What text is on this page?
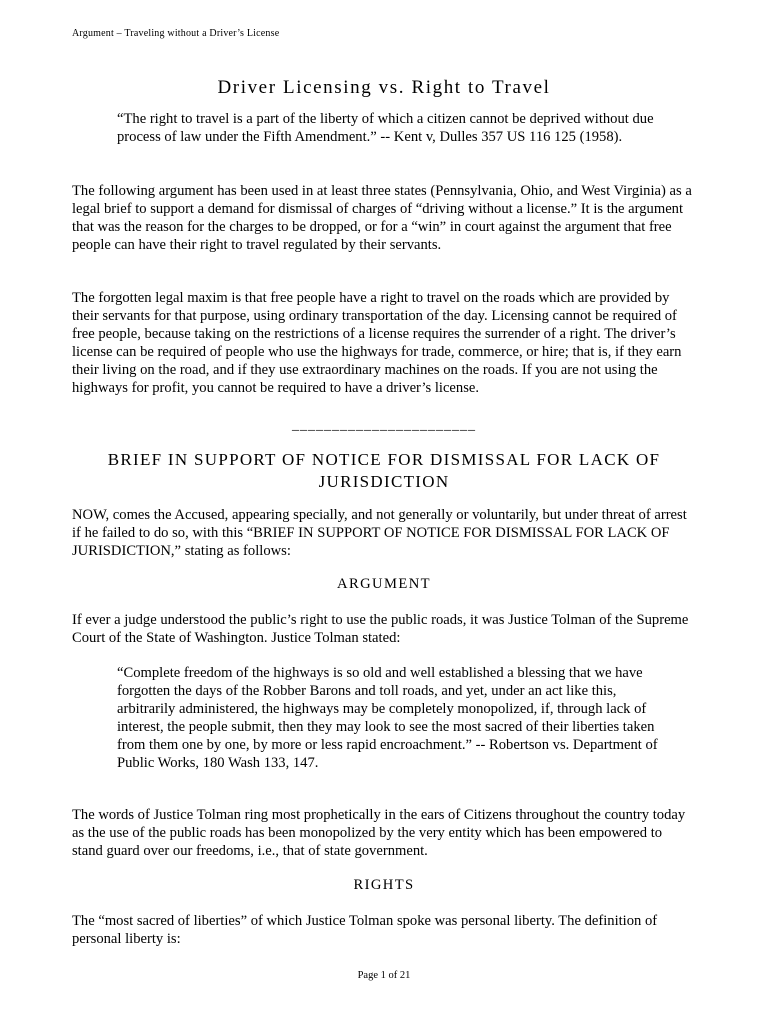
Argument – Traveling without a Driver’s License
Driver Licensing vs. Right to Travel
“The right to travel is a part of the liberty of which a citizen cannot be deprived without due process of law under the Fifth Amendment.” -- Kent v, Dulles 357 US 116 125 (1958).
The following argument has been used in at least three states (Pennsylvania, Ohio, and West Virginia) as a legal brief to support a demand for dismissal of charges of “driving without a license.” It is the argument that was the reason for the charges to be dropped, or for a “win” in court against the argument that free people can have their right to travel regulated by their servants.
The forgotten legal maxim is that free people have a right to travel on the roads which are provided by their servants for that purpose, using ordinary transportation of the day. Licensing cannot be required of free people, because taking on the restrictions of a license requires the surrender of a right. The driver’s license can be required of people who use the highways for trade, commerce, or hire; that is, if they earn their living on the road, and if they use extraordinary machines on the roads. If you are not using the highways for profit, you cannot be required to have a driver’s license.
_______________________
BRIEF IN SUPPORT OF NOTICE FOR DISMISSAL FOR LACK OF JURISDICTION
NOW, comes the Accused, appearing specially, and not generally or voluntarily, but under threat of arrest if he failed to do so, with this “BRIEF IN SUPPORT OF NOTICE FOR DISMISSAL FOR LACK OF JURISDICTION,” stating as follows:
ARGUMENT
If ever a judge understood the public’s right to use the public roads, it was Justice Tolman of the Supreme Court of the State of Washington. Justice Tolman stated:
“Complete freedom of the highways is so old and well established a blessing that we have forgotten the days of the Robber Barons and toll roads, and yet, under an act like this, arbitrarily administered, the highways may be completely monopolized, if, through lack of interest, the people submit, then they may look to see the most sacred of their liberties taken from them one by one, by more or less rapid encroachment.” -- Robertson vs. Department of Public Works, 180 Wash 133, 147.
The words of Justice Tolman ring most prophetically in the ears of Citizens throughout the country today as the use of the public roads has been monopolized by the very entity which has been empowered to stand guard over our freedoms, i.e., that of state government.
RIGHTS
The “most sacred of liberties” of which Justice Tolman spoke was personal liberty. The definition of personal liberty is:
Page 1 of 21
